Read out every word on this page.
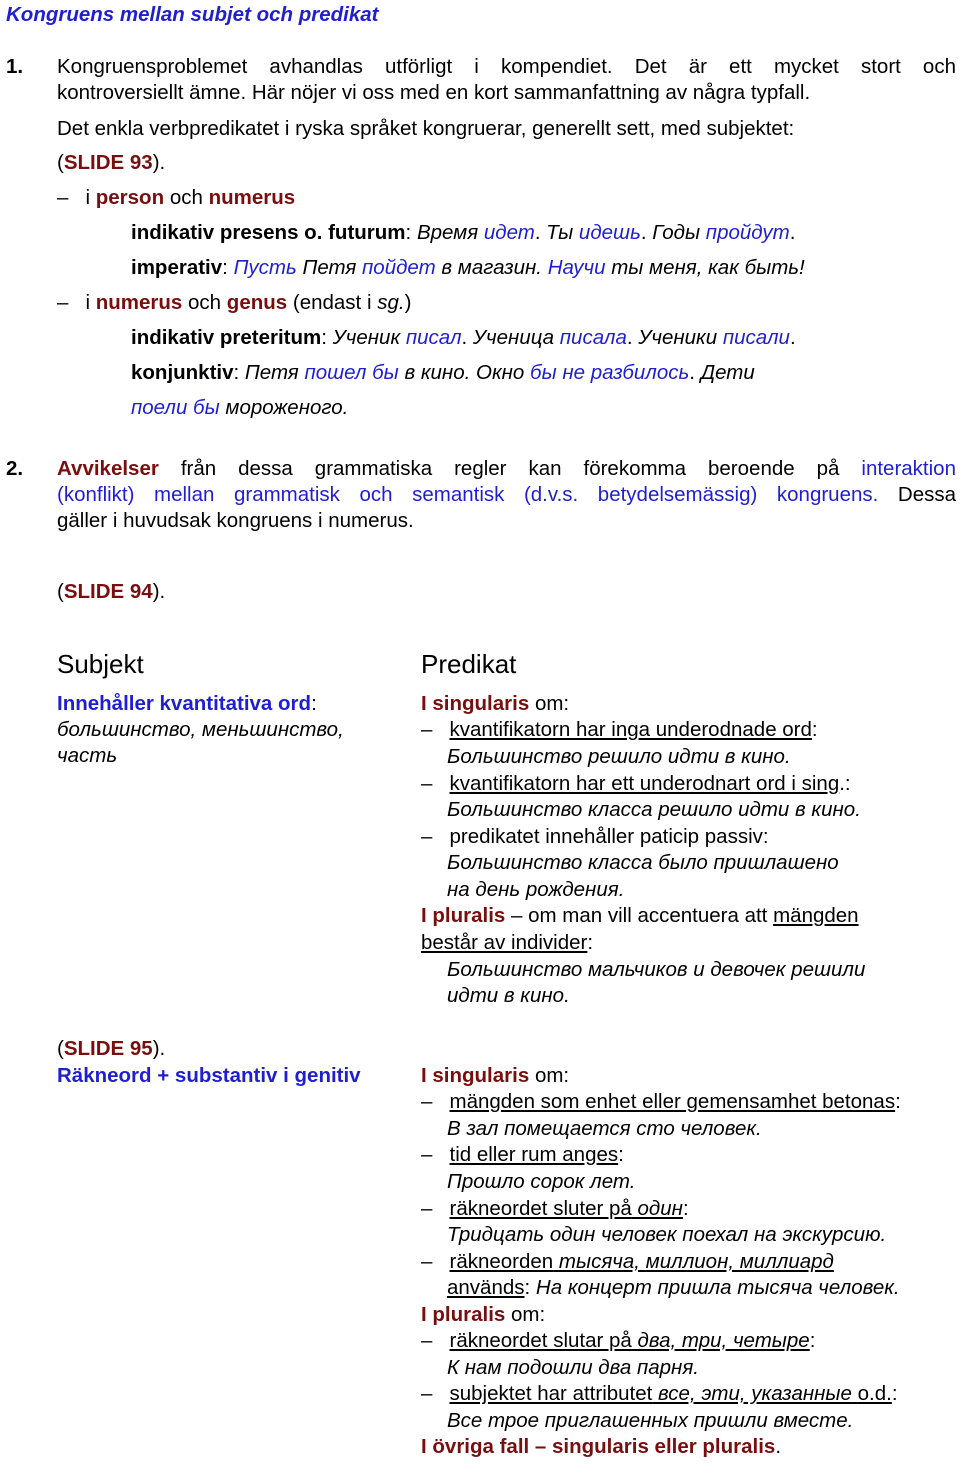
Kongruens mellan subjet och predikat
1. Kongruensproblemet avhandlas utförligt i kompendiet. Det är ett mycket stort och
kontroversiellt ämne. Här nöjer vi oss med en kort sammanfattning av några typfall.
Det enkla verbpredikatet i ryska språket kongruerar, generellt sett, med subjektet:
(SLIDE 93).
–   i person och numerus
indikativ presens o. futurum: Время идет. Ты идешь. Годы пройдут.
imperativ: Пусть Петя пойдет в магазин. Научи ты меня, как быть!
–   i numerus och genus (endast i sg.)
indikativ preteritum: Ученик писал. Ученица писала. Ученики писали.
konjunktiv: Петя пошел бы в кино. Окно бы не разбилось. Дети
поели бы мороженого.
2. Avvikelser från dessa grammatiska regler kan förekomma beroende på interaktion
(konflikt) mellan grammatisk och semantisk (d.v.s. betydelsemässig) kongruens. Dessa
gäller i huvudsak kongruens i numerus.
(SLIDE 94).
Subjekt
Innehåller kvantitativa ord:
большинство, меньшинство,
часть
Predikat
I singularis om:
–   kvantifikatorn har inga underodnade ord:
Большинство решило идти в кино.
–   kvantifikatorn har ett underodnart ord i sing.:
Большинство класса решило идти в кино.
–   predikatet innehåller paticip passiv:
Большинство класса было пришлашено
на день рождения.
I pluralis – om man vill accentuera att mängden
består av individer:
Большинство мальчиков и девочек решили
идти в кино.
(SLIDE 95).
Räkneord + substantiv i genitiv	I singularis om:
–   mängden som enhet eller gemensamhet betonas:
В зал помещается сто человек.
–   tid eller rum anges:
Прошло сорок лет.
–   räkneordet sluter på один:
Тридцать один человек поехал на экскурсию.
–   räkneorden тысяча, миллион, миллиард
används: На концерт пришла тысяча человек.
I pluralis om:
–   räkneordet slutar på два, три, четыре:
К нам подошли два парня.
–   subjektet har attributet все, эти, указанные o.d.:
Все трое приглашенных пришли вместе.
I övriga fall – singularis eller pluralis.
